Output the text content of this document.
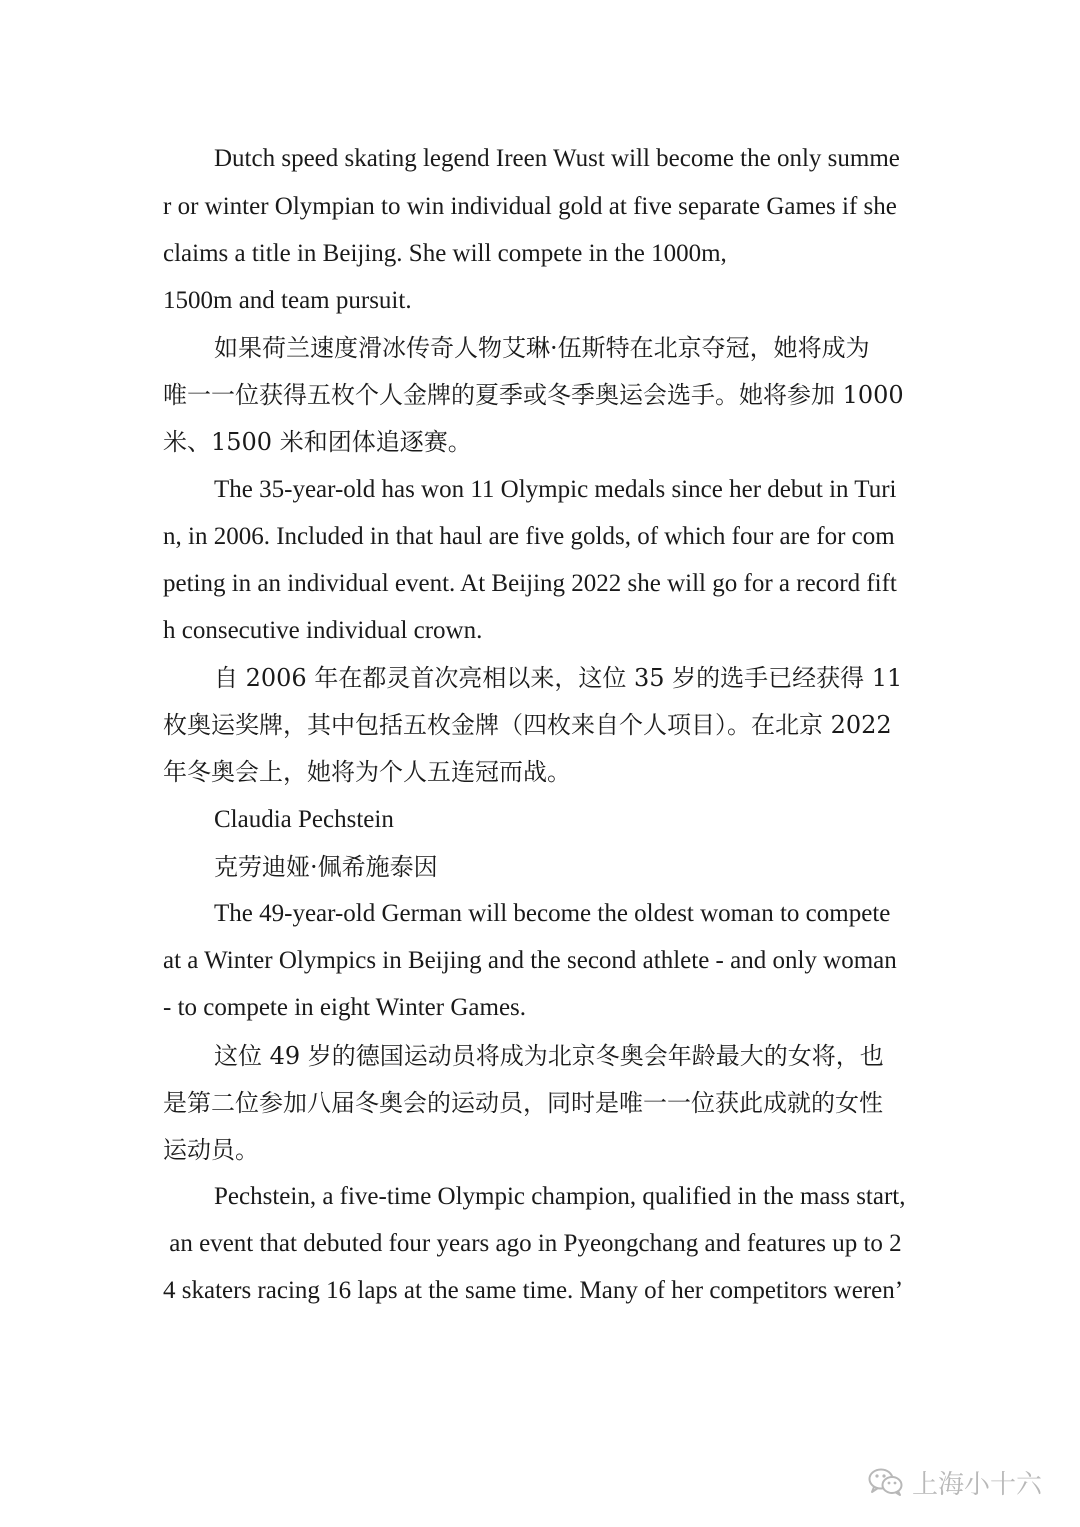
Dutch speed skating legend Ireen Wust will become the only summe
r or winter Olympian to win individual gold at five separate Games if she
claims a title in Beijing. She will compete in the 1000m,
1500m and team pursuit.
如果荷兰速度滑冰传奇人物艾琳·伍斯特在北京夺冠，她将成为
唯一一位获得五枚个人金牌的夏季或冬季奥运会选手。她将参加 1000
米、1500 米和团体追逐赛。
The 35-year-old has won 11 Olympic medals since her debut in Turi
n, in 2006. Included in that haul are five golds, of which four are for com
peting in an individual event. At Beijing 2022 she will go for a record fift
h consecutive individual crown.
自 2006 年在都灵首次亮相以来，这位 35 岁的选手已经获得 11
枚奥运奖牌，其中包括五枚金牌（四枚来自个人项目）。在北京 2022
年冬奥会上，她将为个人五连冠而战。
Claudia Pechstein
克劳迪娅·佩希施泰因
The 49-year-old German will become the oldest woman to compete
at a Winter Olympics in Beijing and the second athlete - and only woman
- to compete in eight Winter Games.
这位 49 岁的德国运动员将成为北京冬奥会年龄最大的女将，也
是第二位参加八届冬奥会的运动员，同时是唯一一位获此成就的女性
运动员。
Pechstein, a five-time Olympic champion, qualified in the mass start,
an event that debuted four years ago in Pyeongchang and features up to 2
4 skaters racing 16 laps at the same time. Many of her competitors weren’
上海小十六
